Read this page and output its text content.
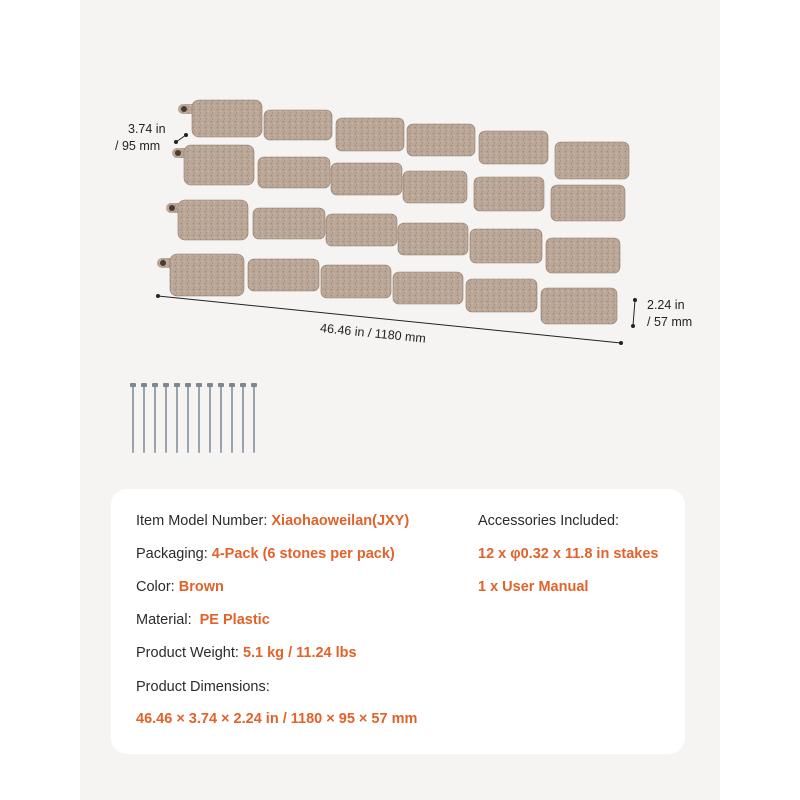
3.74 in
/ 95 mm
46.46 in / 1180 mm
2.24 in
/ 57 mm
Item Model Number: Xiaohaoweilan(JXY)
Packaging: 4-Pack (6 stones per pack)
Color: Brown
Material: PE Plastic
Product Weight: 5.1 kg / 11.24 lbs
Product Dimensions:
46.46 × 3.74 × 2.24 in / 1180 × 95 × 57 mm
Accessories Included:
12 x φ0.32 x 11.8 in stakes
1 x User Manual
